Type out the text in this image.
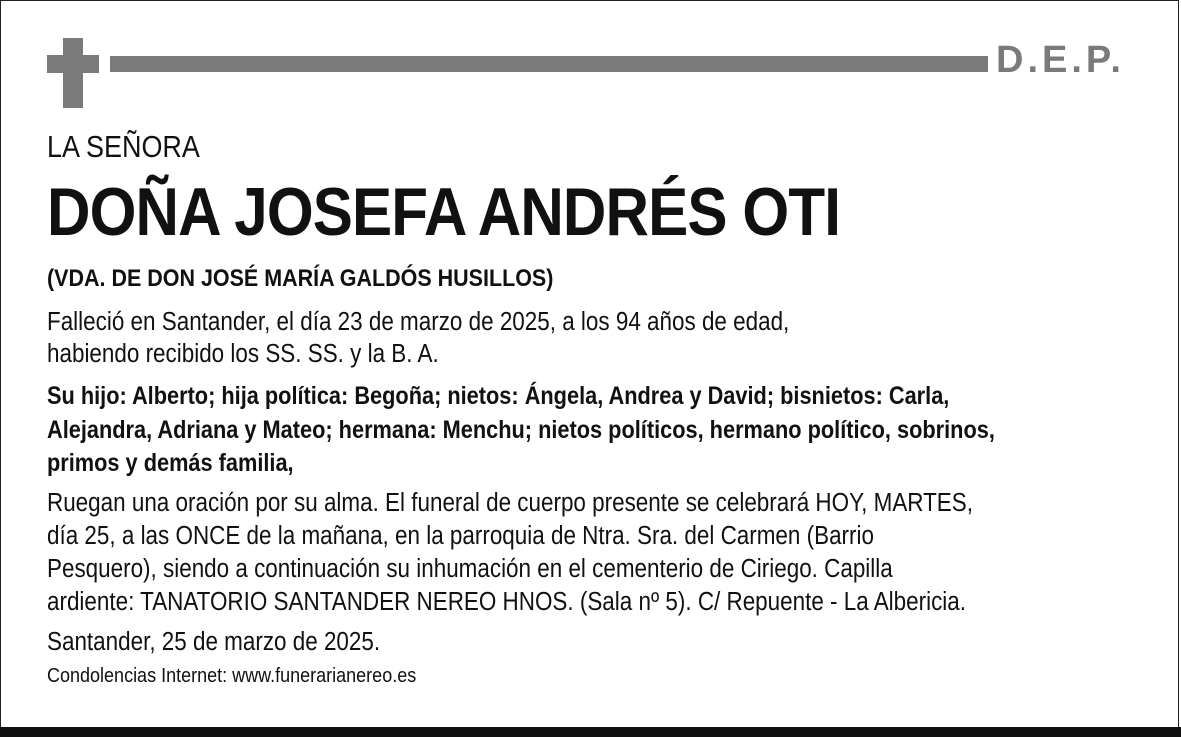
D.E.P.
LA SEÑORA
DOÑA JOSEFA ANDRÉS OTI
(VDA. DE DON JOSÉ MARÍA GALDÓS HUSILLOS)
Falleció en Santander, el día 23 de marzo de 2025, a los 94 años de edad,
habiendo recibido los SS. SS. y la B. A.
Su hijo: Alberto; hija política: Begoña; nietos: Ángela, Andrea y David; bisnietos: Carla,
Alejandra, Adriana y Mateo; hermana: Menchu; nietos políticos, hermano político, sobrinos,
primos y demás familia,
Ruegan una oración por su alma. El funeral de cuerpo presente se celebrará HOY, MARTES,
día 25, a las ONCE de la mañana, en la parroquia de Ntra. Sra. del Carmen (Barrio
Pesquero), siendo a continuación su inhumación en el cementerio de Ciriego. Capilla
ardiente: TANATORIO SANTANDER NEREO HNOS. (Sala nº 5). C/ Repuente - La Albericia.
Santander, 25 de marzo de 2025.
Condolencias Internet: www.funerarianereo.es
